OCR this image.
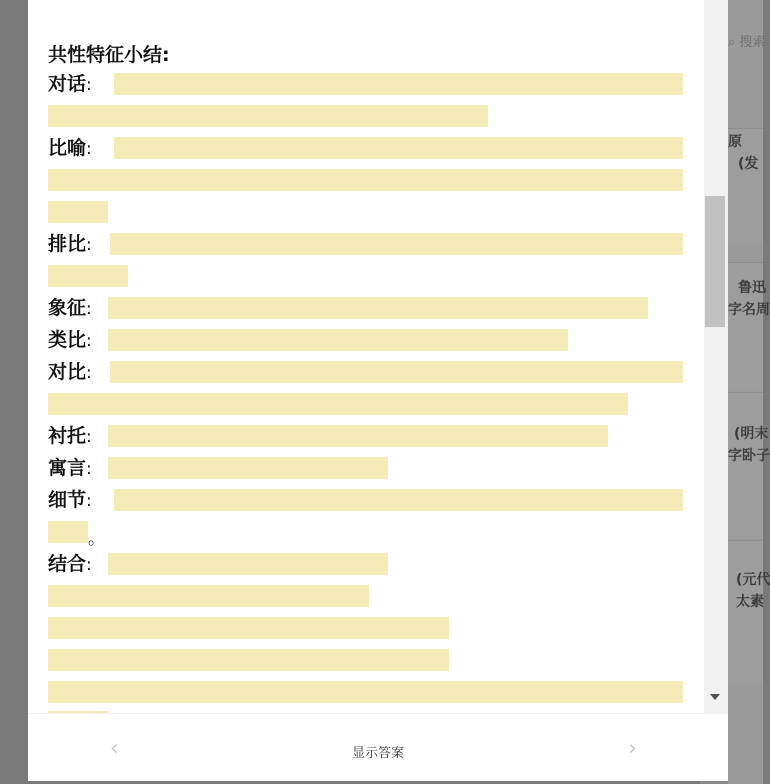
⌕ 搜索
原
(发
鲁迅
字名周
(明末
字卧子
(元代
太素
共性特征小结:
对话:
比喻:
排比:
象征:
类比:
对比:
衬托:
寓言:
细节:
。
结合:
‹	显示答案	›
